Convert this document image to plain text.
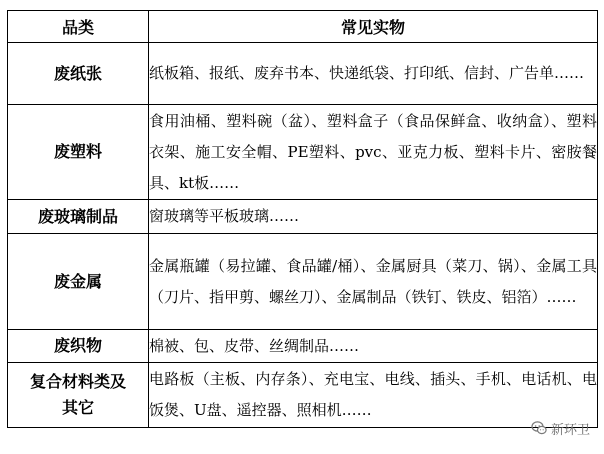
品类	常见实物
废纸张	纸板箱、报纸、废弃书本、快递纸袋、打印纸、信封、广告单……
废塑料	食用油桶、塑料碗（盆）、塑料盒子（食品保鲜盒、收纳盒）、塑料衣架、施工安全帽、PE塑料、pvc、亚克力板、塑料卡片、密胺餐具、kt板……
废玻璃制品	窗玻璃等平板玻璃……
废金属	金属瓶罐（易拉罐、食品罐/桶）、金属厨具（菜刀、锅）、金属工具（刀片、指甲剪、螺丝刀）、金属制品（铁钉、铁皮、铝箔）……
废织物	棉被、包、皮带、丝绸制品……
复合材料类及
其它	电路板（主板、内存条）、充电宝、电线、插头、手机、电话机、电饭煲、U盘、遥控器、照相机……
新环卫
